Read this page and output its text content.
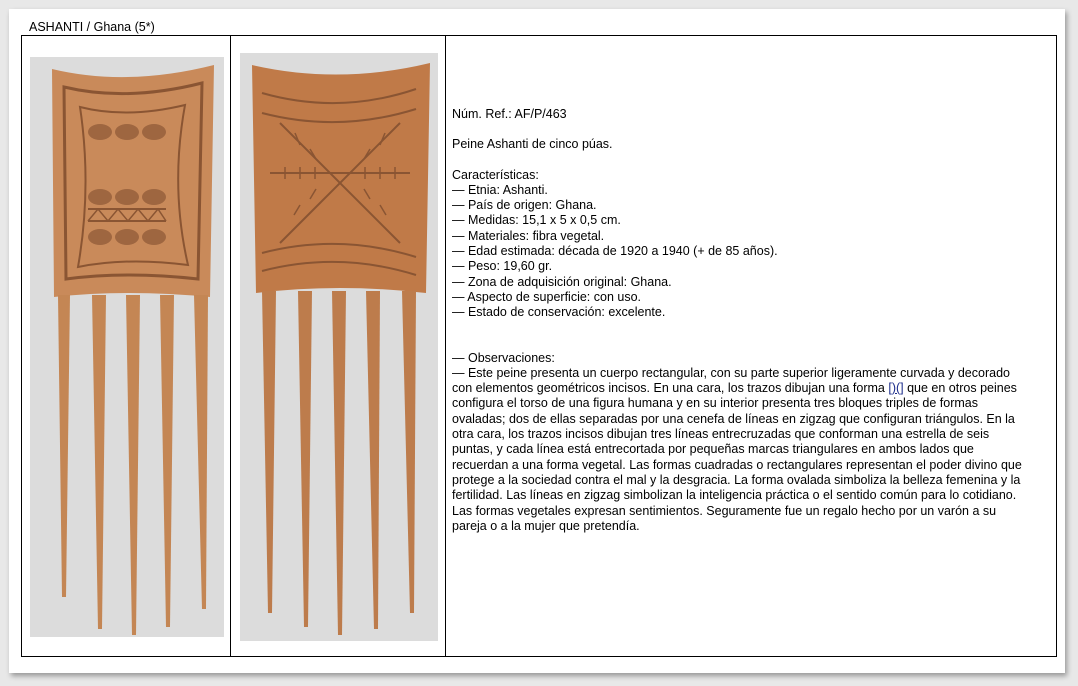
ASHANTI / Ghana (5*)

Núm. Ref.: AF/P/463

Peine Ashanti de cinco púas.

Características:

— Etnia: Ashanti.
— País de origen: Ghana.
— Medidas: 15,1 x 5 x 0,5 cm.
— Materiales: fibra vegetal.
— Edad estimada: década de 1920 a 1940 (+ de 85 años).
— Peso: 19,60 gr.
— Zona de adquisición original: Ghana.
— Aspecto de superficie: con uso.
— Estado de conservación: excelente.

— Observaciones:

— Este peine presenta un cuerpo rectangular, con su parte superior ligeramente curvada y decorado con elementos geométricos incisos. En una cara, los trazos dibujan una forma [)(] que en otros peines configura el torso de una figura humana y en su interior presenta tres bloques triples de formas ovaladas; dos de ellas separadas por una cenefa de líneas en zigzag que configuran triángulos. En la otra cara, los trazos incisos dibujan tres líneas entrecruzadas que conforman una estrella de seis puntas, y cada línea está entrecortada por pequeñas marcas triangulares en ambos lados que recuerdan a una forma vegetal. Las formas cuadradas o rectangulares representan el poder divino que protege a la sociedad contra el mal y la desgracia. La forma ovalada simboliza la belleza femenina y la fertilidad. Las líneas en zigzag simbolizan la inteligencia práctica o el sentido común para lo cotidiano. Las formas vegetales expresan sentimientos. Seguramente fue un regalo hecho por un varón a su pareja o a la mujer que pretendía.
